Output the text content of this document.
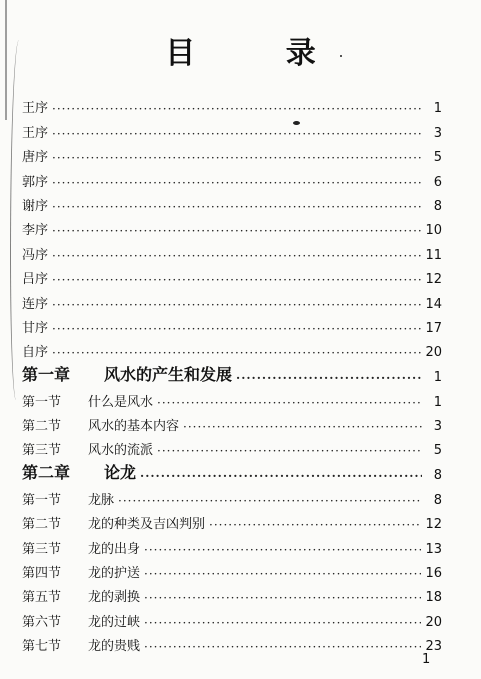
目 录
王序 ·····	1
王序 ·····	3
唐序 ·····	5
郭序 ·····	6
谢序 ·····	8
李序 ·····	10
冯序 ·····	11
吕序 ·····	12
连序 ·····	14
甘序 ·····	17
自序 ·····	20
第一章 风水的产生和发展 ·····	1
第一节 什么是风水 ·····	1
第二节 风水的基本内容 ·····	3
第三节 风水的流派 ·····	5
第二章 论龙 ·····	8
第一节 龙脉 ·····	8
第二节 龙的种类及吉凶判别 ·····	12
第三节 龙的出身 ·····	13
第四节 龙的护送 ·····	16
第五节 龙的剥换 ·····	18
第六节 龙的过峡 ·····	20
第七节 龙的贵贱 ·····	23
1
